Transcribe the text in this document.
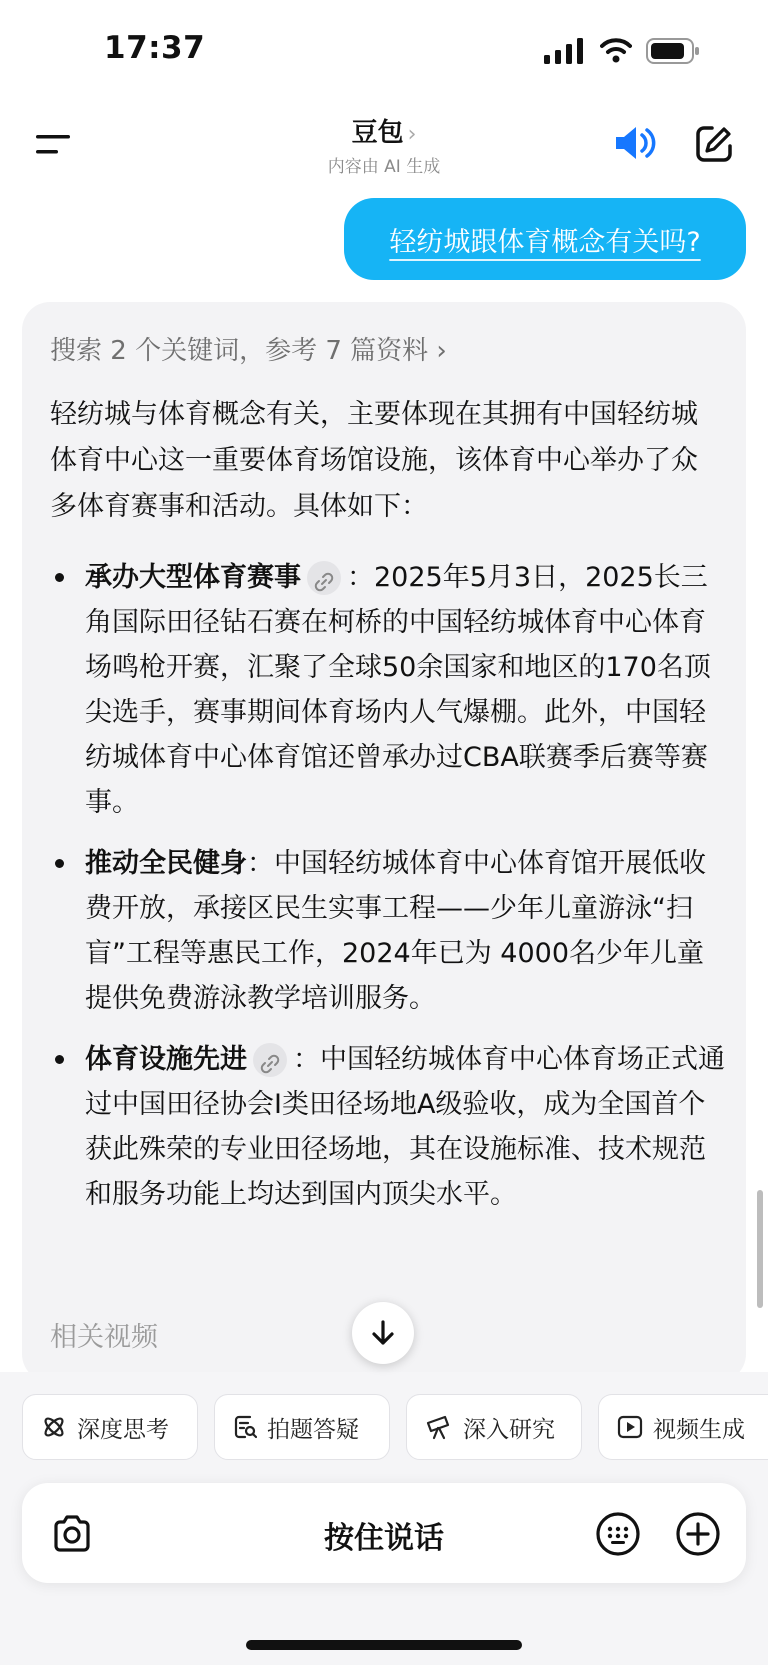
17:37
豆包 ›
内容由 AI 生成
轻纺城跟体育概念有关吗?
搜索 2 个关键词，参考 7 篇资料 ›
轻纺城与体育概念有关，主要体现在其拥有中国轻纺城体育中心这一重要体育场馆设施，该体育中心举办了众多体育赛事和活动。具体如下：
承办大型体育赛事 ：2025年5月3日，2025长三角国际田径钻石赛在柯桥的中国轻纺城体育中心体育场鸣枪开赛，汇聚了全球50余国家和地区的170名顶尖选手，赛事期间体育场内人气爆棚。此外，中国轻纺城体育中心体育馆还曾承办过CBA联赛季后赛等赛事。
推动全民健身：中国轻纺城体育中心体育馆开展低收费开放，承接区民生实事工程——少年儿童游泳“扫盲”工程等惠民工作，2024年已为 4000名少年儿童提供免费游泳教学培训服务。
体育设施先进 ：中国轻纺城体育中心体育场正式通过中国田径协会Ⅰ类田径场地A级验收，成为全国首个获此殊荣的专业田径场地，其在设施标准、技术规范和服务功能上均达到国内顶尖水平。
相关视频
深度思考	拍题答疑	深入研究	视频生成
按住说话
